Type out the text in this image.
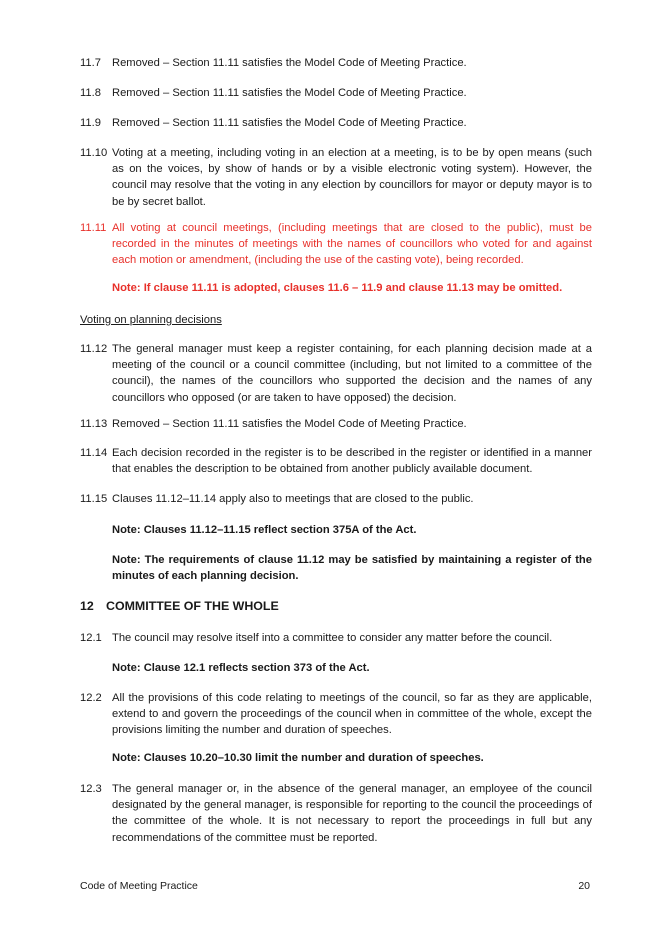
11.7 Removed – Section 11.11 satisfies the Model Code of Meeting Practice.
11.8 Removed – Section 11.11 satisfies the Model Code of Meeting Practice.
11.9 Removed – Section 11.11 satisfies the Model Code of Meeting Practice.
11.10 Voting at a meeting, including voting in an election at a meeting, is to be by open means (such as on the voices, by show of hands or by a visible electronic voting system). However, the council may resolve that the voting in any election by councillors for mayor or deputy mayor is to be by secret ballot.
11.11 All voting at council meetings, (including meetings that are closed to the public), must be recorded in the minutes of meetings with the names of councillors who voted for and against each motion or amendment, (including the use of the casting vote), being recorded.
Note: If clause 11.11 is adopted, clauses 11.6 – 11.9 and clause 11.13 may be omitted.
Voting on planning decisions
11.12 The general manager must keep a register containing, for each planning decision made at a meeting of the council or a council committee (including, but not limited to a committee of the council), the names of the councillors who supported the decision and the names of any councillors who opposed (or are taken to have opposed) the decision.
11.13 Removed – Section 11.11 satisfies the Model Code of Meeting Practice.
11.14 Each decision recorded in the register is to be described in the register or identified in a manner that enables the description to be obtained from another publicly available document.
11.15 Clauses 11.12–11.14 apply also to meetings that are closed to the public.
Note: Clauses 11.12–11.15 reflect section 375A of the Act.
Note: The requirements of clause 11.12 may be satisfied by maintaining a register of the minutes of each planning decision.
12 COMMITTEE OF THE WHOLE
12.1 The council may resolve itself into a committee to consider any matter before the council.
Note: Clause 12.1 reflects section 373 of the Act.
12.2 All the provisions of this code relating to meetings of the council, so far as they are applicable, extend to and govern the proceedings of the council when in committee of the whole, except the provisions limiting the number and duration of speeches.
Note: Clauses 10.20–10.30 limit the number and duration of speeches.
12.3 The general manager or, in the absence of the general manager, an employee of the council designated by the general manager, is responsible for reporting to the council the proceedings of the committee of the whole. It is not necessary to report the proceedings in full but any recommendations of the committee must be reported.
Code of Meeting Practice	20
